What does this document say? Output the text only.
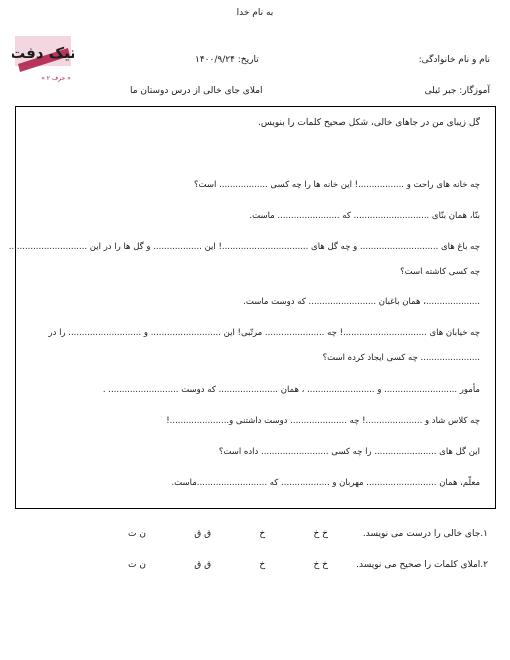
تیک دفت
« حرف ۲ »
به نام خدا
نام و نام خانوادگی:
تاریخ: ۱۴۰۰/۹/۲۴
آموزگار: جبر ئیلی
املای جای خالی از درس دوستان ما
گل زیبای من در جاهای خالی، شکل صحیح کلمات را بنویس.
چه خانه های راحت و .................! این خانه ها را چه کسی .................. است؟
بنّا، همان بنّای ............................ که ....................... ماست.
چه باغ های ............................. و چه گل های ................................! این .................. و گل ها را در این .............................
چه کسی کاشته است؟
....................، همان باغبان ......................... که دوست ماست.
چه خیابان های ...............................! چه ...................... مرتّبی! این .......................... و ........................... را در
...................... چه کسی ایجاد کرده است؟
مأمور ........................... و ......................... ، همان ...................... که دوست .......................... .
چه کلاس شاد و .....................! چه ..................... دوست داشتنی و......................!
این گل های ....................... را چه کسی ......................... داده است؟
معلّم، همان .......................... مهربان و .................. که ..........................ماست.
۱.جای خالی را درست می نویسد.
خ خ
خ
ق ق
ن ت
۲.املای کلمات را صحیح می نویسد.
خ خ
خ
ق ق
ن ت
